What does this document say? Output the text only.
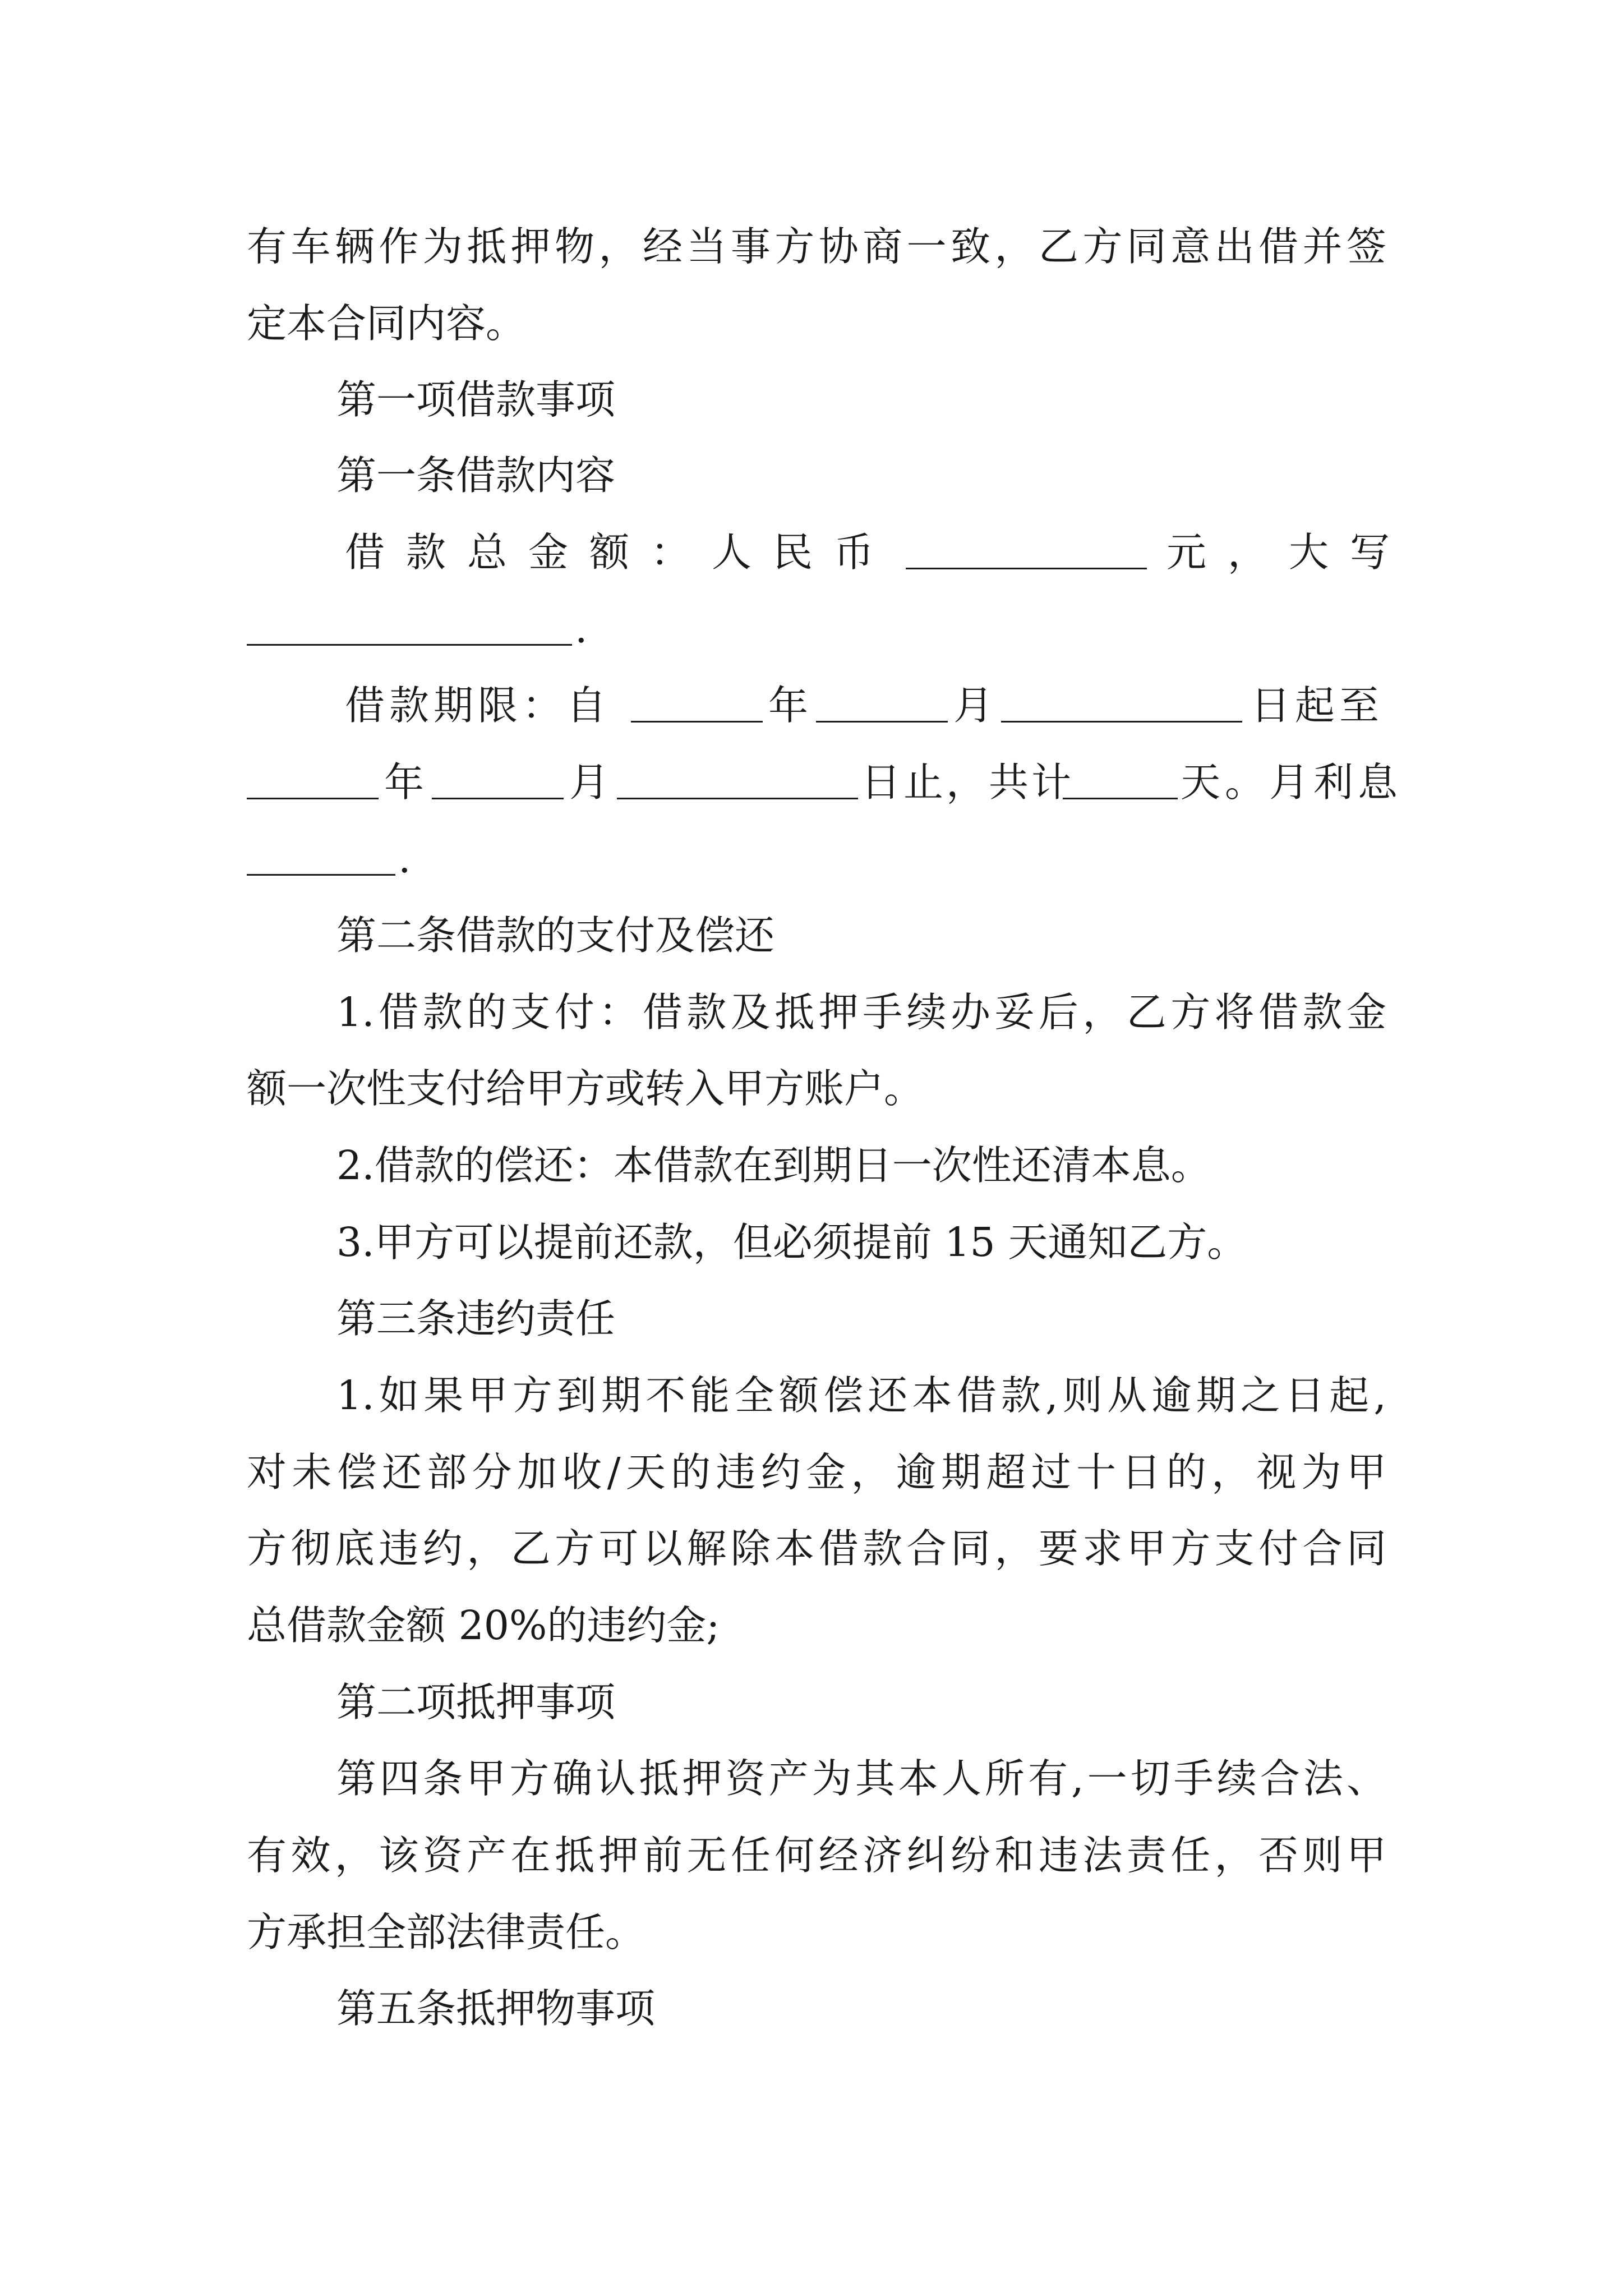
有车辆作为抵押物，经当事方协商一致，乙方同意出借并签
定本合同内容。
第一项借款事项
第一条借款内容
借款总金额：人民币	元，大写
.
借款期限：自	年	月	日起至
年	月	日止，共计	天。月利息
.
第二条借款的支付及偿还
1.借款的支付：借款及抵押手续办妥后，乙方将借款金
额一次性支付给甲方或转入甲方账户。
2.借款的偿还：本借款在到期日一次性还清本息。
3.甲方可以提前还款，但必须提前 15 天通知乙方。
第三条违约责任
1.如果甲方到期不能全额偿还本借款,则从逾期之日起,
对未偿还部分加收/天的违约金，逾期超过十日的，视为甲
方彻底违约，乙方可以解除本借款合同，要求甲方支付合同
总借款金额 20%的违约金;
第二项抵押事项
第四条甲方确认抵押资产为其本人所有,一切手续合法、
有效，该资产在抵押前无任何经济纠纷和违法责任，否则甲
方承担全部法律责任。
第五条抵押物事项
